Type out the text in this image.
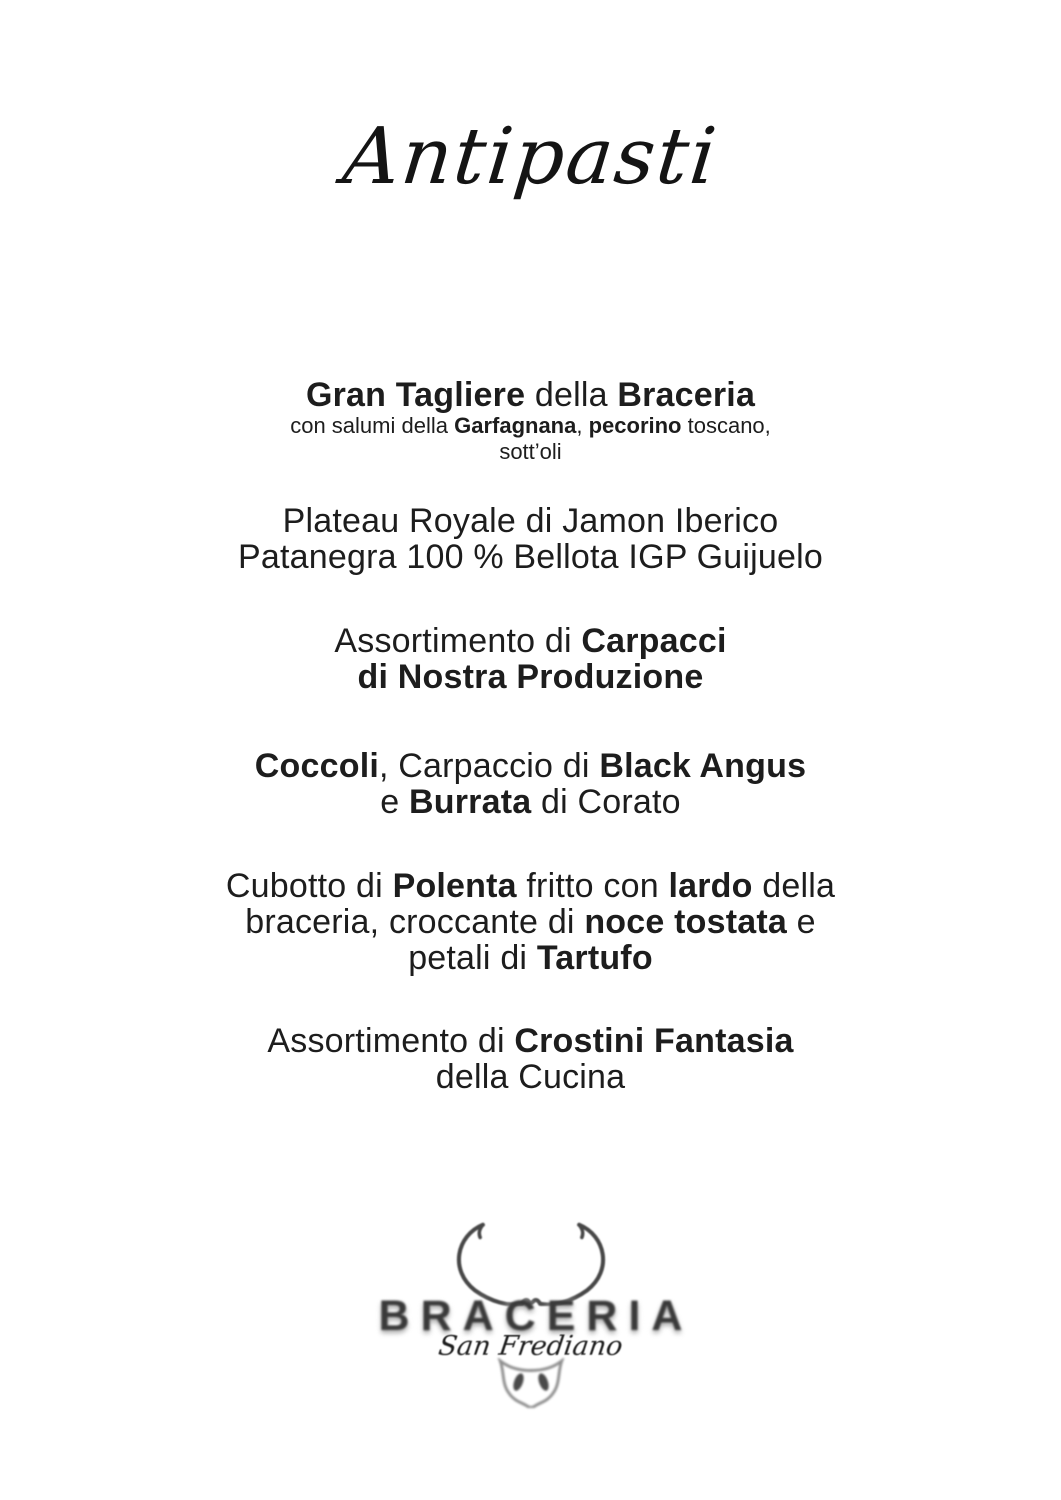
Antipasti
Gran Tagliere della Braceria
con salumi della Garfagnana, pecorino toscano,
sott’oli
Plateau Royale di Jamon Iberico
Patanegra 100 % Bellota IGP Guijuelo
Assortimento di Carpacci
di Nostra Produzione
Coccoli, Carpaccio di Black Angus
e Burrata di Corato
Cubotto di Polenta fritto con lardo della
braceria, croccante di noce tostata e
petali di Tartufo
Assortimento di Crostini Fantasia
della Cucina
BRACERIA
San Frediano
